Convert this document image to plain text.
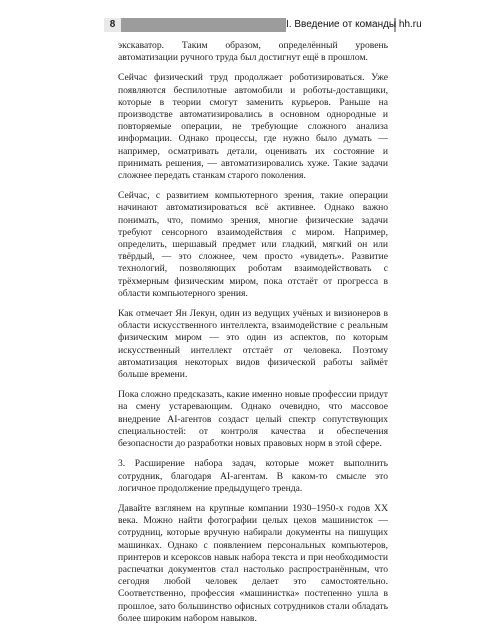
8	I. Введение от команды hh.ru

экскаватор. Таким образом, определённый уровень автоматизации ручного труда был достигнут ещё в прошлом.

Сейчас физический труд продолжает роботизироваться. Уже появляются беспилотные автомобили и роботы-доставщики, которые в теории смогут заменить курьеров. Раньше на производстве автоматизировались в основном однородные и повторяемые операции, не требующие сложного анализа информации. Однако процессы, где нужно было думать — например, осматривать детали, оценивать их состояние и принимать решения, — автоматизировались хуже. Такие задачи сложнее передать станкам старого поколения.

Сейчас, с развитием компьютерного зрения, такие операции начинают автоматизироваться всё активнее. Однако важно понимать, что, помимо зрения, многие физические задачи требуют сенсорного взаимодействия с миром. Например, определить, шершавый предмет или гладкий, мягкий он или твёрдый, — это сложнее, чем просто «увидеть». Развитие технологий, позволяющих роботам взаимодействовать с трёхмерным физическим миром, пока отстаёт от прогресса в области компьютерного зрения.

Как отмечает Ян Лекун, один из ведущих учёных и визионеров в области искусственного интеллекта, взаимодействие с реальным физическим миром — это один из аспектов, по которым искусственный интеллект отстаёт от человека. Поэтому автоматизация некоторых видов физической работы займёт больше времени.

Пока сложно предсказать, какие именно новые профессии придут на смену устаревающим. Однако очевидно, что массовое внедрение AI-агентов создаст целый спектр сопутствующих специальностей: от контроля качества и обеспечения безопасности до разработки новых правовых норм в этой сфере.

3. Расширение набора задач, которые может выполнить сотрудник, благодаря AI-агентам. В каком-то смысле это логичное продолжение предыдущего тренда.

Давайте взглянем на крупные компании 1930–1950-х годов XX века. Можно найти фотографии целых цехов машинисток — сотрудниц, которые вручную набирали документы на пишущих машинках. Однако с появлением персональных компьютеров, принтеров и ксероксов навык набора текста и при необходимости распечатки документов стал настолько распространённым, что сегодня любой человек делает это самостоятельно. Соответственно, профессия «машинистка» постепенно ушла в прошлое, зато большинство офисных сотрудников стали обладать более широким набором навыков.
